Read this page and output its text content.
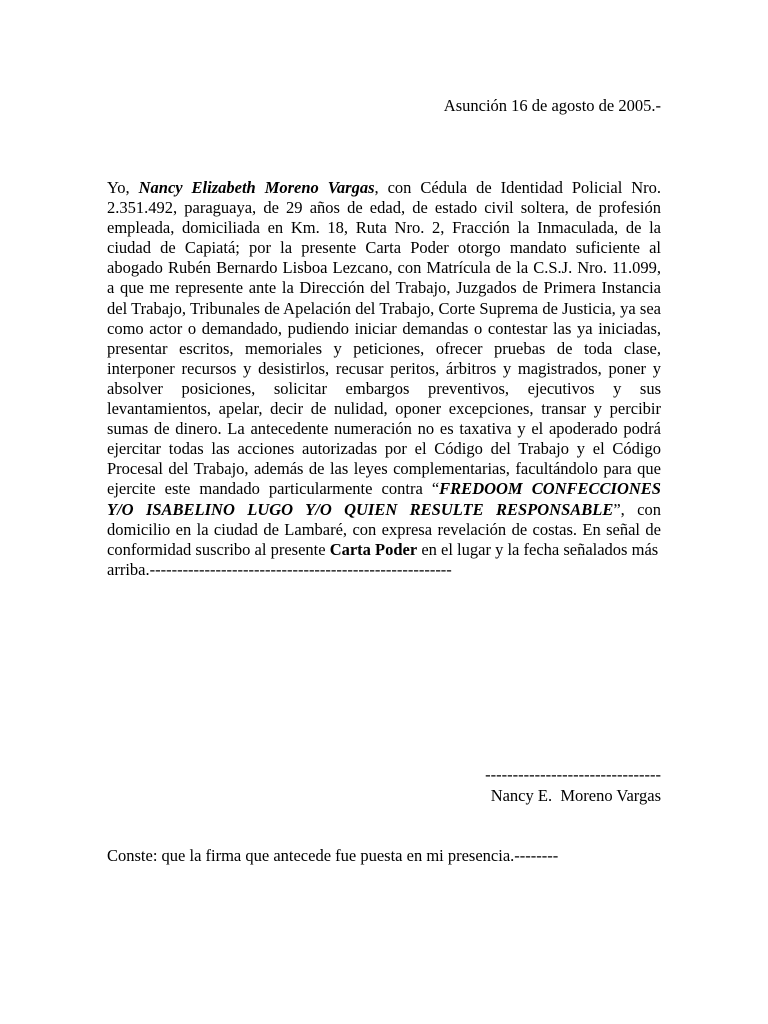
Asunción 16 de agosto de 2005.-
Yo, Nancy Elizabeth Moreno Vargas, con Cédula de Identidad Policial Nro. 2.351.492, paraguaya, de 29 años de edad, de estado civil soltera, de profesión empleada, domiciliada en Km. 18, Ruta Nro. 2, Fracción la Inmaculada, de la ciudad de Capiatá; por la presente Carta Poder otorgo mandato suficiente al abogado Rubén Bernardo Lisboa Lezcano, con Matrícula de la C.S.J. Nro. 11.099, a que me represente ante la Dirección del Trabajo, Juzgados de Primera Instancia del Trabajo, Tribunales de Apelación del Trabajo, Corte Suprema de Justicia, ya sea como actor o demandado, pudiendo iniciar demandas o contestar las ya iniciadas, presentar escritos, memoriales y peticiones, ofrecer pruebas de toda clase, interponer recursos y desistirlos, recusar peritos, árbitros y magistrados, poner y absolver posiciones, solicitar embargos preventivos, ejecutivos y sus levantamientos, apelar, decir de nulidad, oponer excepciones, transar y percibir sumas de dinero. La antecedente numeración no es taxativa y el apoderado podrá ejercitar todas las acciones autorizadas por el Código del Trabajo y el Código Procesal del Trabajo, además de las leyes complementarias, facultándolo para que ejercite este mandado particularmente contra “FREDOOM CONFECCIONES Y/O ISABELINO LUGO Y/O QUIEN RESULTE RESPONSABLE”, con domicilio en la ciudad de Lambaré, con expresa revelación de costas. En señal de conformidad suscribo al presente Carta Poder en el lugar y la fecha señalados más
arriba.-------------------------------------------------------
--------------------------------
Nancy E.  Moreno Vargas
Conste: que la firma que antecede fue puesta en mi presencia.--------
